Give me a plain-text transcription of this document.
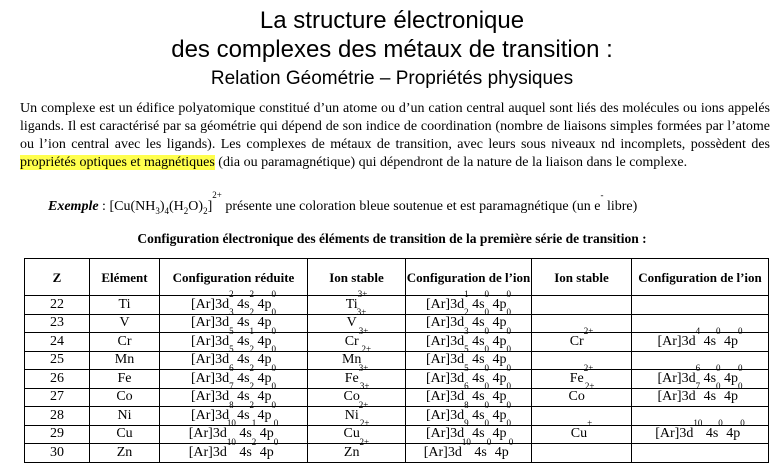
La structure électronique
des complexes des métaux de transition :
Relation Géométrie – Propriétés physiques
Un complexe est un édifice polyatomique constitué d’un atome ou d’un cation central auquel sont liés des molécules ou ions appelés ligands. Il est caractérisé par sa géométrie qui dépend de son indice de coordination (nombre de liaisons simples formées par l’atome ou l’ion central avec les ligands). Les complexes de métaux de transition, avec leurs sous niveaux nd incomplets, possèdent des propriétés optiques et magnétiques (dia ou paramagnétique) qui dépendront de la nature de la liaison dans le complexe.
Exemple : $[Cu(NH_3)_4(H_2O)_2]^{2+}$ présente une coloration bleue soutenue et est paramagnétique (un e- libre)
Configuration électronique des éléments de transition de la première série de transition :
Z	Elément	Configuration réduite	Ion stable	Configuration de l’ion	Ion stable	Configuration de l’ion
22	Ti	$[Ar]3d^2$ $4s^2$ $4p^0$	$Ti^{3+}$	$[Ar]3d^1$ $4s^0$ $4p^0$		
23	V	$[Ar]3d^3$ $4s^2$ $4p^0$	$V^{3+}$	$[Ar]3d^2$ $4s^0$ $4p^0$		
24	Cr	$[Ar]3d^5$ $4s^1$ $4p^0$	$Cr^{3+}$	$[Ar]3d^3$ $4s^0$ $4p^0$	$Cr^{2+}$	$[Ar]3d^4$ $4s^0$ $4p^0$
25	Mn	$[Ar]3d^5$ $4s^2$ $4p^0$	$Mn^{2+}$	$[Ar]3d^5$ $4s^0$ $4p^0$		
26	Fe	$[Ar]3d^6$ $4s^2$ $4p^0$	$Fe^{3+}$	$[Ar]3d^5$ $4s^0$ $4p^0$	$Fe^{2+}$	$[Ar]3d^6$ $4s^0$ $4p^0$
27	Co	$[Ar]3d^7$ $4s^2$ $4p^0$	$Co^{3+}$	$[Ar]3d^6$ $4s^0$ $4p^0$	$Co^{2+}$	$[Ar]3d^7$ $4s^0$ $4p^0$
28	Ni	$[Ar]3d^8$ $4s^2$ $4p^0$	$Ni^{2+}$	$[Ar]3d^8$ $4s^0$ $4p^0$		
29	Cu	$[Ar]3d^{10}$ $4s^1$ $4p^0$	$Cu^{2+}$	$[Ar]3d^9$ $4s^0$ $4p^0$	Cu+	$[Ar]3d^{10}$ $4s^0$ $4p^0$
30	Zn	$[Ar]3d^{10}$ $4s^2$ $4p^0$	$Zn^{2+}$	$[Ar]3d^{10}$ $4s^0$ $4p^0$		
